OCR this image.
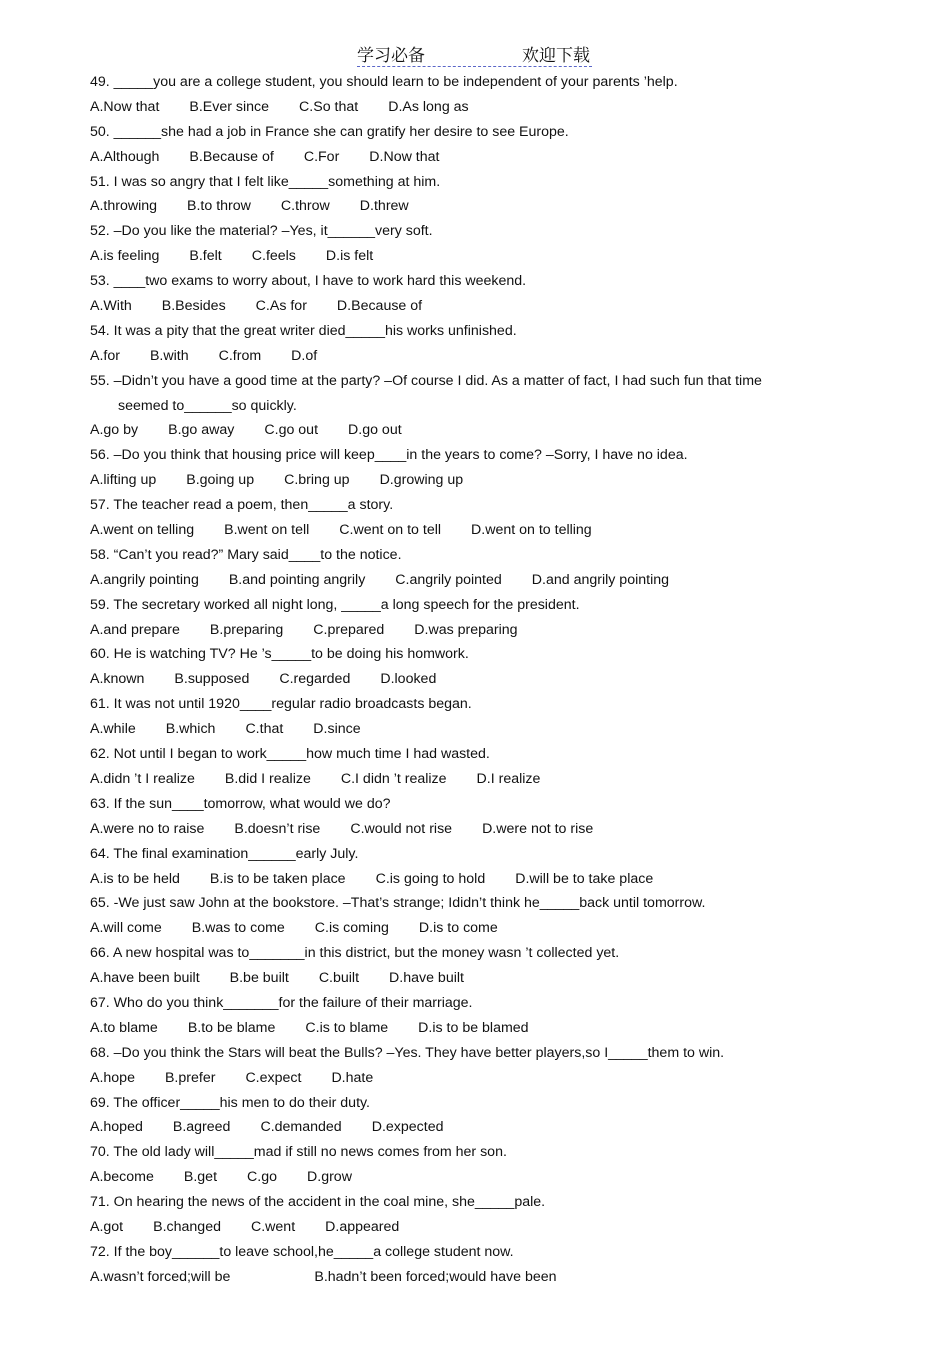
学习必备	欢迎下载
49. _____you are a college student, you should learn to be independent of your parents ’help.
A.Now that B.Ever since C.So that D.As long as
50. ______she had a job in France she can gratify her desire to see Europe.
A.Although B.Because of C.For D.Now that
51. I was so angry that I felt like_____something at him.
A.throwing B.to throw C.throw D.threw
52. –Do you like the material? –Yes, it______very soft.
A.is feeling B.felt C.feels D.is felt
53. ____two exams to worry about, I have to work hard this weekend.
A.With B.Besides C.As for D.Because of
54. It was a pity that the great writer died_____his works unfinished.
A.for B.with C.from D.of
55. –Didn’t you have a good time at the party? –Of course I did. As a matter of fact, I had such fun that time
seemed to______so quickly.
A.go by B.go away C.go out D.go out
56. –Do you think that housing price will keep____in the years to come? –Sorry, I have no idea.
A.lifting up B.going up C.bring up D.growing up
57. The teacher read a poem, then_____a story.
A.went on telling B.went on tell C.went on to tell D.went on to telling
58. “Can’t you read?” Mary said____to the notice.
A.angrily pointing B.and pointing angrily C.angrily pointed D.and angrily pointing
59. The secretary worked all night long, _____a long speech for the president.
A.and prepare B.preparing C.prepared D.was preparing
60. He is watching TV? He ’s_____to be doing his homwork.
A.known B.supposed C.regarded D.looked
61. It was not until 1920____regular radio broadcasts began.
A.while B.which C.that D.since
62. Not until I began to work_____how much time I had wasted.
A.didn ’t I realize B.did I realize C.I didn ’t realize D.I realize
63. If the sun____tomorrow, what would we do?
A.were no to raise B.doesn’t rise C.would not rise D.were not to rise
64. The final examination______early July.
A.is to be held B.is to be taken place C.is going to hold D.will be to take place
65. -We just saw John at the bookstore. –That’s strange; Ididn’t think he_____back until tomorrow.
A.will come B.was to come C.is coming D.is to come
66. A new hospital was to_______in this district, but the money wasn ’t collected yet.
A.have been built B.be built C.built D.have built
67. Who do you think_______for the failure of their marriage.
A.to blame B.to be blame C.is to blame D.is to be blamed
68. –Do you think the Stars will beat the Bulls? –Yes. They have better players,so I_____them to win.
A.hope B.prefer C.expect D.hate
69. The officer_____his men to do their duty.
A.hoped B.agreed C.demanded D.expected
70. The old lady will_____mad if still no news comes from her son.
A.become B.get C.go D.grow
71. On hearing the news of the accident in the coal mine, she_____pale.
A.got B.changed C.went D.appeared
72. If the boy______to leave school,he_____a college student now.
A.wasn’t forced;will be	B.hadn’t been forced;would have been
